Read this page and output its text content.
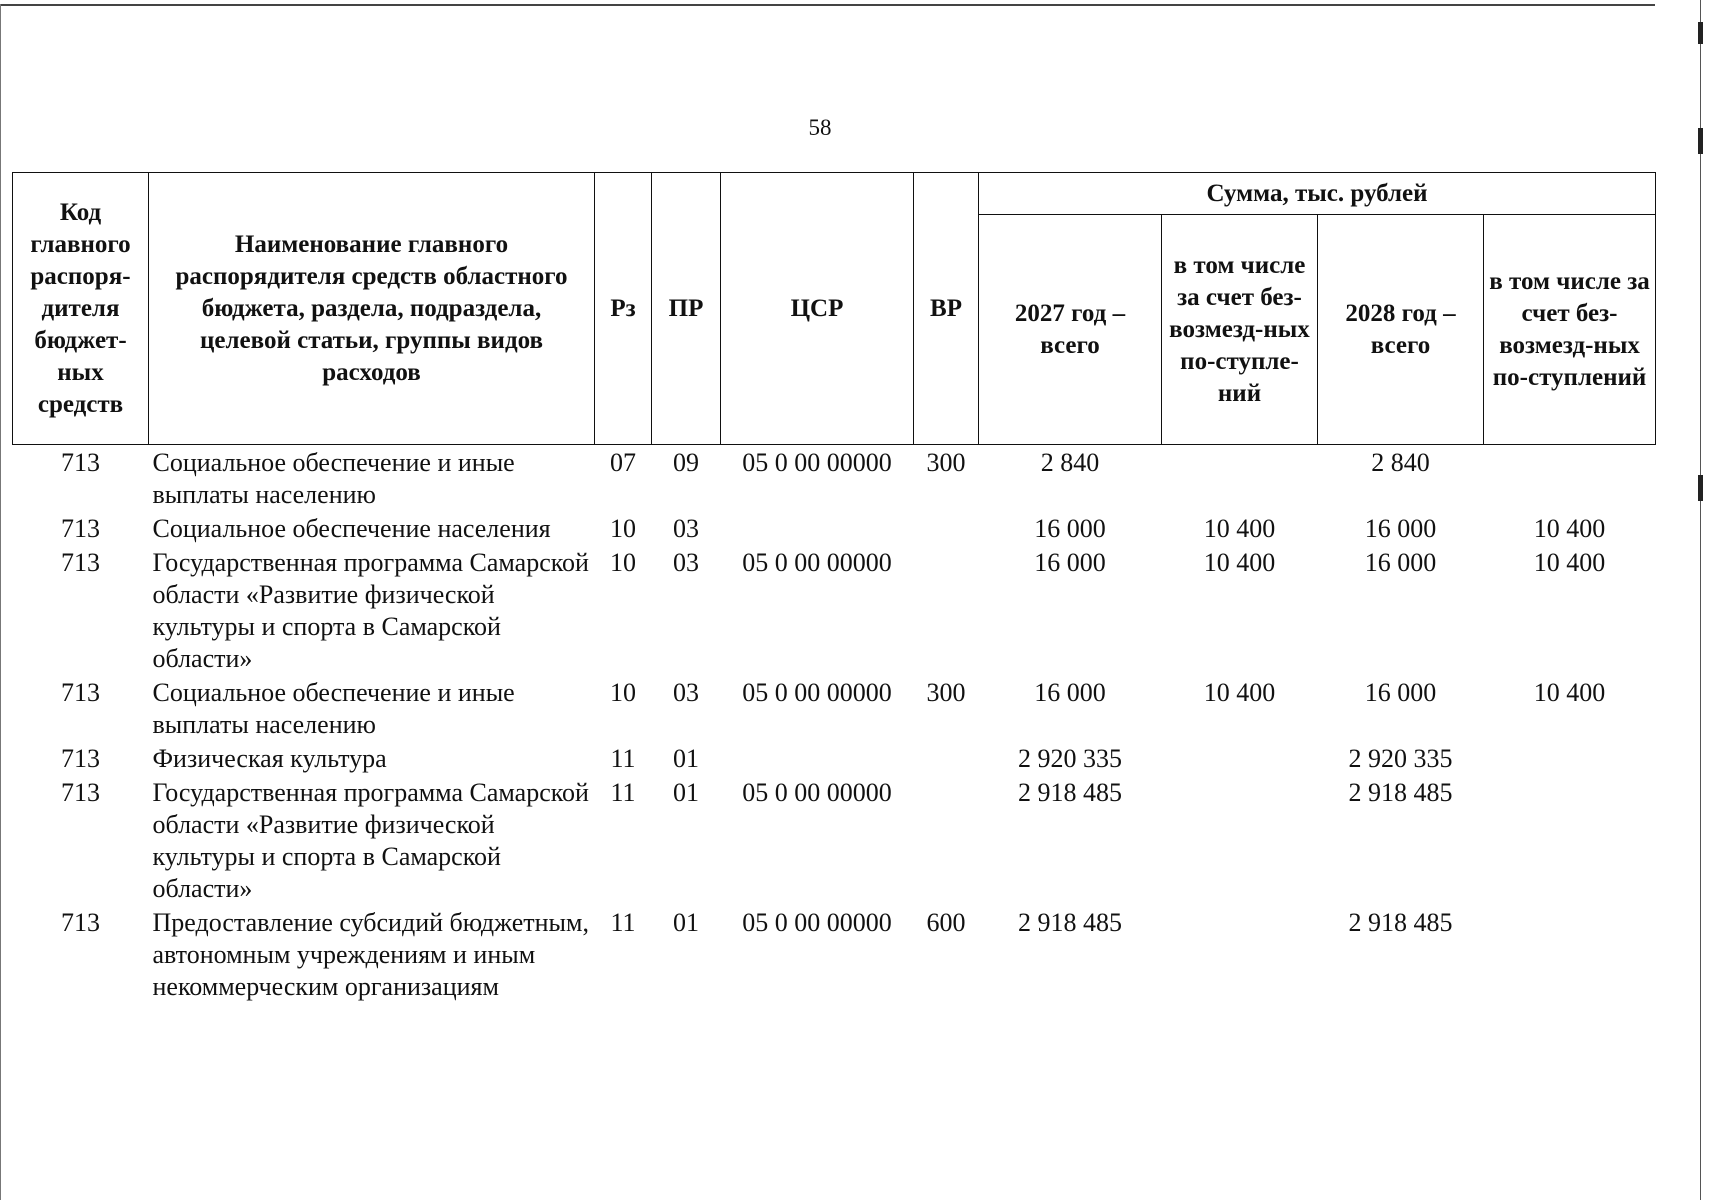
58
Код главного распоря-дителя бюджет-ных средств	Наименование главного распорядителя средств областного бюджета, раздела, подраздела, целевой статьи, группы видов расходов	Рз	ПР	ЦСР	ВР	Сумма, тыс. рублей			
						2027 год – всего	в том числе за счет без-возмезд-ных по-ступле-ний	2028 год – всего	в том числе за счет без-возмезд-ных по-ступлений
713	Социальное обеспечение и иные выплаты населению	07	09	05 0 00 00000	300	2 840		2 840	
713	Социальное обеспечение населения	10	03			16 000	10 400	16 000	10 400
713	Государственная программа Самарской области «Развитие физической культуры и спорта в Самарской области»	10	03	05 0 00 00000		16 000	10 400	16 000	10 400
713	Социальное обеспечение и иные выплаты населению	10	03	05 0 00 00000	300	16 000	10 400	16 000	10 400
713	Физическая культура	11	01			2 920 335		2 920 335	
713	Государственная программа Самарской области «Развитие физической культуры и спорта в Самарской области»	11	01	05 0 00 00000		2 918 485		2 918 485	
713	Предоставление субсидий бюджетным, автономным учреждениям и иным некоммерческим организациям	11	01	05 0 00 00000	600	2 918 485		2 918 485	
